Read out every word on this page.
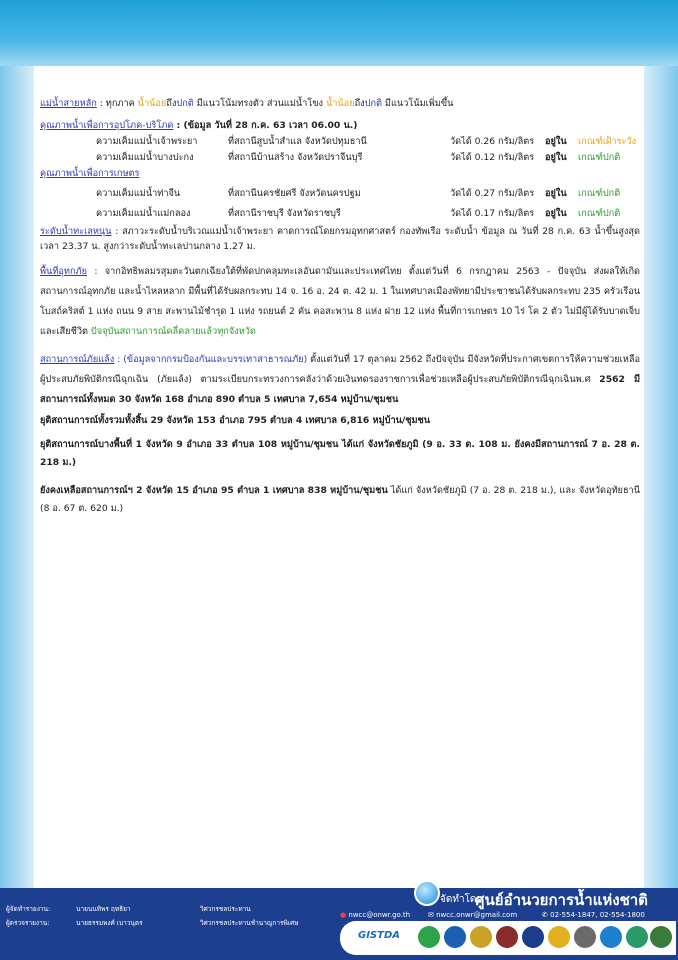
แม่น้ำสายหลัก : ทุกภาค น้ำน้อยถึงปกติ มีแนวโน้มทรงตัว ส่วนแม่น้ำโขง น้ำน้อยถึงปกติ มีแนวโน้มเพิ่มขึ้น
คุณภาพน้ำเพื่อการอุปโภค-บริโภค : (ข้อมูล วันที่ 28 ก.ค. 63 เวลา 06.00 น.)
ความเค็มแม่น้ำเจ้าพระยา	ที่สถานีสูบน้ำสำแล จังหวัดปทุมธานี	วัดได้ 0.26 กรัม/ลิตร อยู่ใน เกณฑ์เฝ้าระวัง
ความเค็มแม่น้ำบางปะกง	ที่สถานีบ้านสร้าง จังหวัดปราจีนบุรี	วัดได้ 0.12 กรัม/ลิตร อยู่ใน เกณฑ์ปกติ
คุณภาพน้ำเพื่อการเกษตร
ความเค็มแม่น้ำท่าจีน	ที่สถานีนครชัยศรี จังหวัดนครปฐม	วัดได้ 0.27 กรัม/ลิตร อยู่ใน เกณฑ์ปกติ
ความเค็มแม่น้ำแม่กลอง	ที่สถานีราชบุรี จังหวัดราชบุรี	วัดได้ 0.17 กรัม/ลิตร อยู่ใน เกณฑ์ปกติ
ระดับน้ำทะเลหนุน : สภาวะระดับน้ำบริเวณแม่น้ำเจ้าพระยา คาดการณ์โดยกรมอุทกศาสตร์ กองทัพเรือ ระดับน้ำ ข้อมูล ณ วันที่ 28 ก.ค. 63 น้ำขึ้นสูงสุด เวลา 23.37 น. สูงกว่าระดับน้ำทะเลปานกลาง 1.27 ม.
พื้นที่อุทกภัย : จากอิทธิพลมรสุมตะวันตกเฉียงใต้ที่พัดปกคลุมทะเลอันดามันและประเทศไทย ตั้งแต่วันที่ 6 กรกฎาคม 2563 - ปัจจุบัน ส่งผลให้เกิดสถานการณ์อุทกภัย และน้ำไหลหลาก มีพื้นที่ได้รับผลกระทบ 14 จ. 16 อ. 24 ต. 42 ม. 1 ในเทศบาลเมืองพัทยามีประชาชนได้รับผลกระทบ 235 ครัวเรือน โบสถ์คริสต์ 1 แห่ง ถนน 9 สาย สะพานไม้ชำรุด 1 แห่ง รถยนต์ 2 คัน คอสะพาน 8 แห่ง ฝาย 12 แห่ง พื้นที่การเกษตร 10 ไร่ โค 2 ตัว ไม่มีผู้ได้รับบาดเจ็บและเสียชีวิต ปัจจุบันสถานการณ์คลี่คลายแล้วทุกจังหวัด
สถานการณ์ภัยแล้ง : (ข้อมูลจากกรมป้องกันและบรรเทาสาธารณภัย) ตั้งแต่วันที่ 17 ตุลาคม 2562 ถึงปัจจุบัน มีจังหวัดที่ประกาศเขตการให้ความช่วยเหลือผู้ประสบภัยพิบัติกรณีฉุกเฉิน (ภัยแล้ง) ตามระเบียบกระทรวงการคลังว่าด้วยเงินทดรองราชการเพื่อช่วยเหลือผู้ประสบภัยพิบัติกรณีฉุกเฉินพ.ศ 2562 มีสถานการณ์ทั้งหมด 30 จังหวัด 168 อำเภอ 890 ตำบล 5 เทศบาล 7,654 หมู่บ้าน/ชุมชน
ยุติสถานการณ์ทั้งรวมทั้งสิ้น 29 จังหวัด 153 อำเภอ 795 ตำบล 4 เทศบาล 6,816 หมู่บ้าน/ชุมชน
ยุติสถานการณ์บางพื้นที่ 1 จังหวัด 9 อำเภอ 33 ตำบล 108 หมู่บ้าน/ชุมชน ได้แก่ จังหวัดชัยภูมิ (9 อ. 33 ต. 108 ม. ยังคงมีสถานการณ์ 7 อ. 28 ต. 218 ม.)
ยังคงเหลือสถานการณ์ฯ 2 จังหวัด 15 อำเภอ 95 ตำบล 1 เทศบาล 838 หมู่บ้าน/ชุมชน ได้แก่ จังหวัดชัยภูมิ (7 อ. 28 ต. 218 ม.), และ จังหวัดอุทัยธานี (8 อ. 67 ต. 620 ม.)
ผู้จัดทำรายงาน:	นายนนทิพร ฤทธิยา	วิศวกรชลประทาน
ผู้ตรวจรายงาน:	นายธรรมพงศ์ เบาวนุตร	วิศวกรชลประทานชำนาญการพิเศษ
จัดทำโดย :
ศูนย์อำนวยการน้ำแห่งชาติ
● nwcc@onwr.go.th	✉ nwcc.onwr@gmail.com	✆ 02-554-1847, 02-554-1800
GISTDA
